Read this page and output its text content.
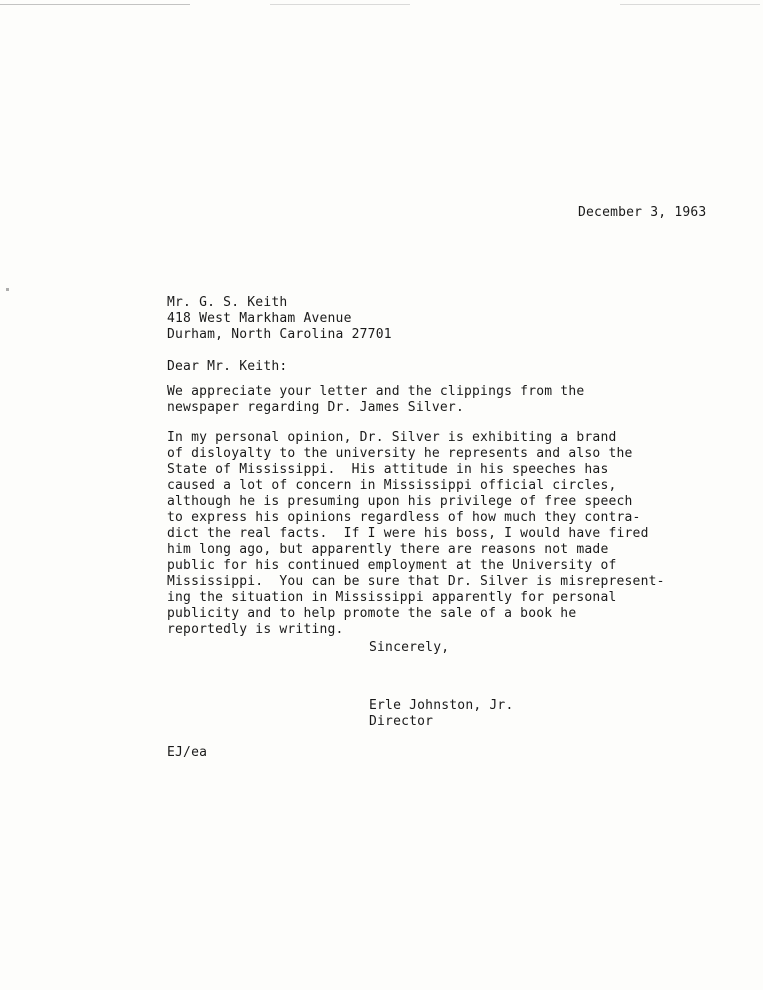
December 3, 1963
Mr. G. S. Keith
418 West Markham Avenue
Durham, North Carolina 27701
Dear Mr. Keith:
We appreciate your letter and the clippings from the
newspaper regarding Dr. James Silver.
In my personal opinion, Dr. Silver is exhibiting a brand
of disloyalty to the university he represents and also the
State of Mississippi.  His attitude in his speeches has
caused a lot of concern in Mississippi official circles,
although he is presuming upon his privilege of free speech
to express his opinions regardless of how much they contra-
dict the real facts.  If I were his boss, I would have fired
him long ago, but apparently there are reasons not made
public for his continued employment at the University of
Mississippi.  You can be sure that Dr. Silver is misrepresent-
ing the situation in Mississippi apparently for personal
publicity and to help promote the sale of a book he
reportedly is writing.
Sincerely,
Erle Johnston, Jr.
Director
EJ/ea
